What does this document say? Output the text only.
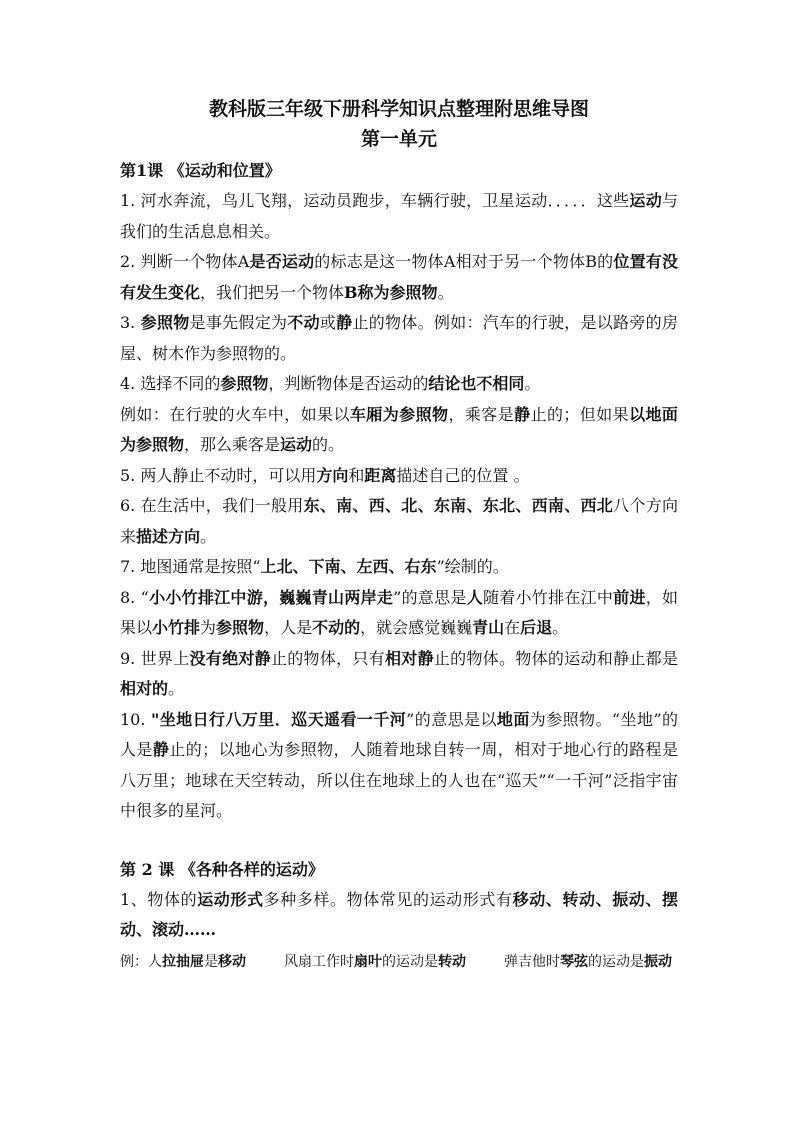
教科版三年级下册科学知识点整理附思维导图
第一单元
第1课 《运动和位置》

1. 河水奔流，鸟儿飞翔，运动员跑步，车辆行驶，卫星运动．．．．．这些运动与我们的生活息息相关。

2. 判断一个物体A是否运动的标志是这一物体A相对于另一个物体B的位置有没有发生变化，我们把另一个物体B称为参照物。

3. 参照物是事先假定为不动或静止的物体。例如：汽车的行驶，是以路旁的房屋、树木作为参照物的。

4. 选择不同的参照物，判断物体是否运动的结论也不相同。

例如：在行驶的火车中，如果以车厢为参照物，乘客是静止的；但如果以地面为参照物，那么乘客是运动的。

5. 两人静止不动时，可以用方向和距离描述自己的位置 。

6. 在生活中，我们一般用东、南、西、北、东南、东北、西南、西北八个方向来描述方向。

7. 地图通常是按照“上北、下南、左西、右东”绘制的。

8. “小小竹排江中游，巍巍青山两岸走”的意思是人随着小竹排在江中前进，如果以小竹排为参照物，人是不动的，就会感觉巍巍青山在后退。

9. 世界上没有绝对静止的物体，只有相对静止的物体。物体的运动和静止都是相对的。

10. "坐地日行八万里．巡天遥看一千河”的意思是以地面为参照物。“坐地”的人是静止的；以地心为参照物，人随着地球自转一周，相对于地心行的路程是八万里；地球在天空转动，所以住在地球上的人也在“巡天”“一千河”泛指宇宙中很多的星河。

第 2 课 《各种各样的运动》

1、物体的运动形式多种多样。物体常见的运动形式有移动、转动、振动、摆动、滚动……

例：人拉抽屉是移动	风扇工作时扇叶的运动是转动	弹吉他时琴弦的运动是振动
